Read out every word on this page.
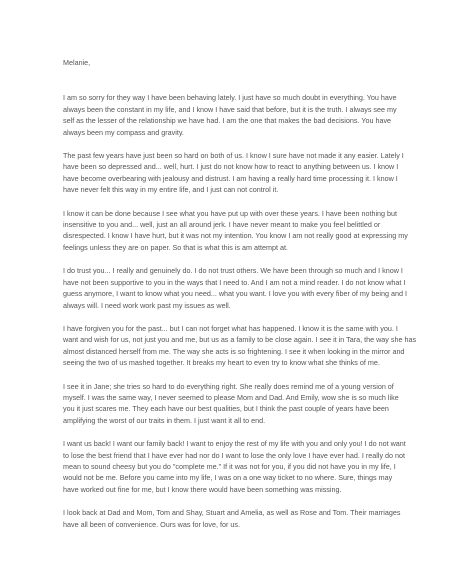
Melanie,

I am so sorry for they way I have been behaving lately. I just have so much doubt in everything. You have
always been the constant in my life, and I know I have said that before, but it is the truth. I always see my
self as the lesser of the relationship we have had. I am the one that makes the bad decisions. You have
always been my compass and gravity.

The past few years have just been so hard on both of us. I know I sure have not made it any easier. Lately I
have been so depressed and... well, hurt. I just do not know how to react to anything between us. I know I
have become overbearing with jealousy and distrust. I am having a really hard time processing it. I know I
have never felt this way in my entire life, and I just can not control it.

I know it can be done because I see what you have put up with over these years. I have been nothing but
insensitive to you and... well, just an all around jerk. I have never meant to make you feel belittled or
disrespected. I know I have hurt, but it was not my intention. You know I am not really good at expressing my
feelings unless they are on paper. So that is what this is am attempt at.

I do trust you... I really and genuinely do. I do not trust others. We have been through so much and I know I
have not been supportive to you in the ways that I need to. And I am not a mind reader. I do not know what I
guess anymore, I want to know what you need... what you want. I love you with every fiber of my being and I
always will. I need work work past my issues as well.

I have forgiven you for the past... but I can not forget what has happened. I know it is the same with you. I
want and wish for us, not just you and me, but us as a family to be close again. I see it in Tara, the way she has
almost distanced herself from me. The way she acts is so frightening. I see it when looking in the mirror and
seeing the two of us mashed together. It breaks my heart to even try to know what she thinks of me.

I see it in Jane; she tries so hard to do everything right. She really does remind me of a young version of
myself. I was the same way, I never seemed to please Mom and Dad. And Emily, wow she is so much like
you it just scares me. They each have our best qualities, but I think the past couple of years have been
amplifying the worst of our traits in them. I just want it all to end.

I want us back! I want our family back! I want to enjoy the rest of my life with you and only you! I do not want
to lose the best friend that I have ever had nor do I want to lose the only love I have ever had. I really do not
mean to sound cheesy but you do "complete me." If it was not for you, if you did not have you in my life, I
would not be me. Before you came into my life, I was on a one way ticket to no where. Sure, things may
have worked out fine for me, but I know there would have been something was missing.

I look back at Dad and Mom, Tom and Shay, Stuart and Amelia, as well as Rose and Tom. Their marriages
have all been of convenience. Ours was for love, for us.
